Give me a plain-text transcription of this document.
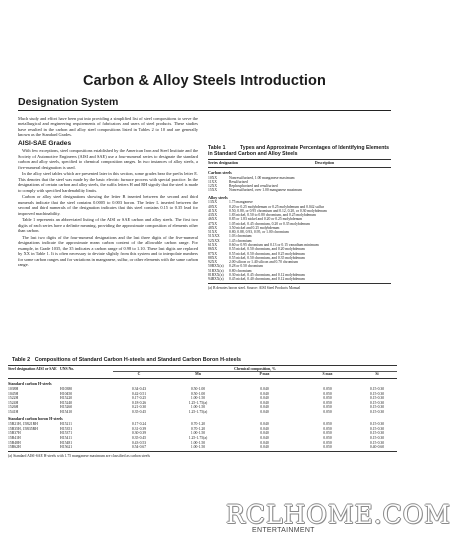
Carbon & Alloy Steels Introduction
Designation System

Much study and effort have been put into providing a simplified list of steel compositions to serve the metallurgical and engineering requirements of fabricators and users of steel products. These studies have resulted in the carbon and alloy steel compositions listed in Tables 2 to 10 and are generally known as the Standard Grades.

AISI-SAE Grades

With few exceptions, steel compositions established by the American Iron and Steel Institute and the Society of Automotive Engineers (AISI and SAE) use a four-numeral series to designate the standard carbon and alloy steels, specified to chemical composition ranges. In two instances of alloy steels, a five-numeral designation is used.

In the alloy steel tables which are presented later in this section, some grades bear the prefix letter E. This denotes that the steel was made by the basic electric furnace process with special practice. In the designations of certain carbon and alloy steels, the suffix letters H and RH signify that the steel is made to comply with specified hardenability limits.

Carbon or alloy steel designations showing the letter B inserted between the second and third numerals indicate that the steel contains 0.0005 to 0.003 boron. The letter L inserted between the second and third numerals of the designation indicates that this steel contains 0.15 to 0.35 lead for improved machinability.

Table 1 represents an abbreviated listing of the AISI or SAE carbon and alloy steels. The first two digits of each series have a definite meaning, providing the approximate composition of elements other than carbon.

The last two digits of the four-numeral designations and the last three digits of the five-numeral designations indicate the approximate mean carbon content of the allowable carbon range. For example, in Grade 1035, the 35 indicates a carbon range of 0.98 to 1.10. These last digits are replaced by XX in Table 1. It is often necessary to deviate slightly from this system and to interpolate numbers for some carbon ranges and for variations in manganese, sulfur, or other elements with the same carbon range.

Table 1	Types and Approximate Percentages of Identifying Elements in Standard Carbon and Alloy Steels
Series designation	Description
Carbon steels
10XX	Nonresulfurized, 1.00 manganese maximum
11XX	Resulfurized
12XX	Rephosphorized and resulfurized
15XX	Nonresulfurized, over 1.00 manganese maximum
Alloy steels
13XX	1.75 manganese
40XX	0.20 or 0.25 molybdenum or 0.25 molybdenum and 0.042 sulfur
41XX	0.50, 0.80, or 0.95 chromium and 0.12, 0.20, or 0.30 molybdenum
43XX	1.83 nickel, 0.50 to 0.80 chromium, and 0.25 molybdenum
46XX	0.85 or 1.83 nickel and 0.20 or 0.25 molybdenum
47XX	1.05 nickel, 0.45 chromium, 0.20 or 0.35 molybdenum
48XX	3.50 nickel and 0.25 molybdenum
51XX	0.80, 0.88, 0.93, 0.95, or 1.00 chromium
51XXX	1.03 chromium
52XXX	1.45 chromium
61XX	0.60 or 0.95 chromium and 0.13 or 0.15 vanadium minimum
86XX	0.55 nickel, 0.50 chromium, and 0.20 molybdenum
87XX	0.55 nickel, 0.50 chromium, and 0.25 molybdenum
88XX	0.55 nickel, 0.50 chromium, and 0.35 molybdenum
92XX	2.00 silicon or 1.40 silicon and 0.70 chromium
50BXX(a)	0.28 or 0.50 chromium
51BXX(a)	0.80 chromium
81BXX(a)	0.30 nickel, 0.45 chromium, and 0.12 molybdenum
94BXX(a)	0.45 nickel, 0.40 chromium, and 0.12 molybdenum
(a) B denotes boron steel. Source: AISI Steel Products Manual
Table 2 Compositions of Standard Carbon H-steels and Standard Carbon Boron H-steels
Steel designation AISI or SAE UNS No.	Chemical composition, %
C	Mn	P max	S max	Si
Standard carbon H-steels
1038H	H10380	0.34-0.43	0.50-1.00	0.040	0.050	0.15-0.30
1045H	H10450	0.42-0.51	0.50-1.00	0.040	0.050	0.15-0.30
1522H	H15220	0.17-0.25	1.00-1.50	0.040	0.050	0.15-0.30
1524H	H15240	0.18-0.26	1.25-1.75(a)	0.040	0.050	0.15-0.30
1526H	H15260	0.21-0.30	1.00-1.50	0.040	0.050	0.15-0.30
1541H	H15410	0.35-0.45	1.25-1.75(a)	0.040	0.050	0.15-0.30
Standard carbon boron H-steels
15B21H, 15B21RH	H15211	0.17-0.24	0.70-1.20	0.040	0.050	0.15-0.30
15B35H, 15B35RH	H15351	0.31-0.39	0.70-1.20	0.040	0.050	0.15-0.30
15B37H	H15371	0.30-0.39	1.00-1.50	0.040	0.050	0.15-0.30
15B41H	H15411	0.35-0.45	1.25-1.75(a)	0.040	0.050	0.15-0.30
15B48H	H15481	0.43-0.53	1.00-1.50	0.040	0.050	0.15-0.30
15B62H	H15621	0.54-0.67	1.00-1.50	0.040	0.050	0.40-0.60
(a) Standard AISI-SAE H-steels with 1.75 manganese maximum are classified as carbon steels
RCLHOME.COM
ENTERTAINMENT
